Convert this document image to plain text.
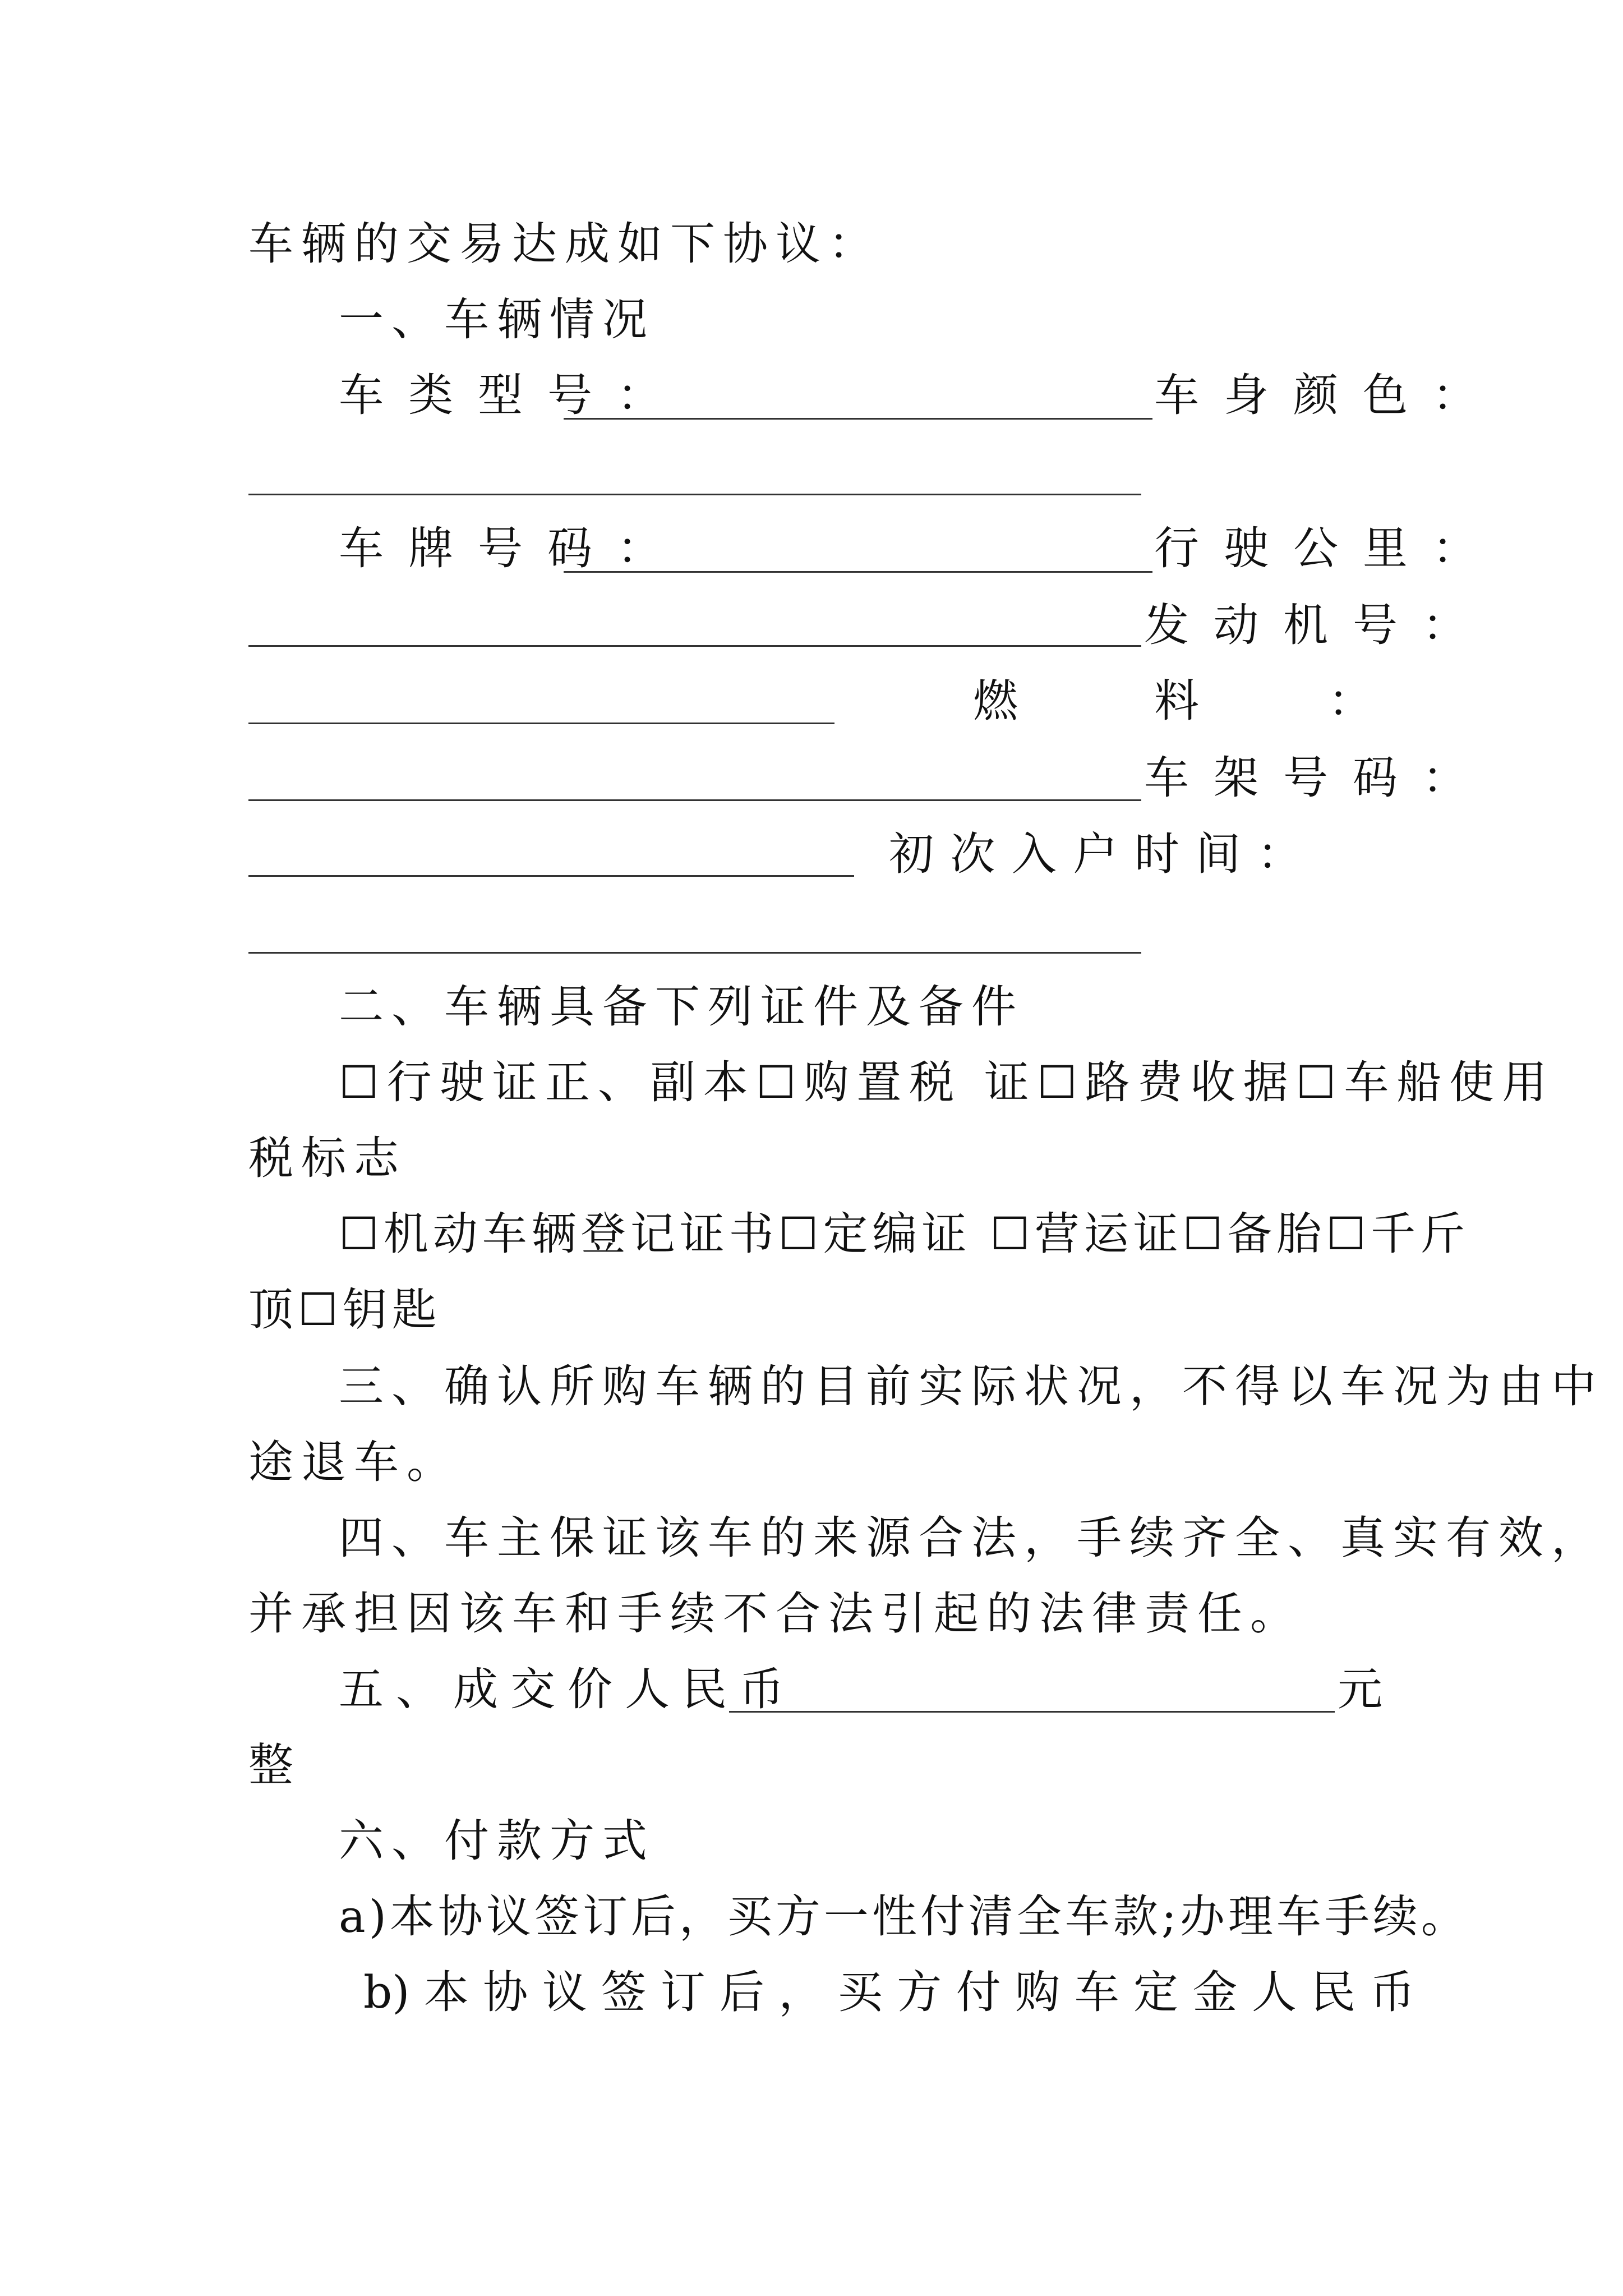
车辆的交易达成如下协议：
一、车辆情况
车类型号：	车身颜色：
车牌号码：	行驶公里：
发动机号：
燃	料	：
车架号码：
初 次 入 户 时 间 ：
二、车辆具备下列证件及备件
☐行驶证正、副本☐购置税 证☐路费收据☐车船使用
税标志
☐机动车辆登记证书☐定编证 ☐营运证☐备胎☐千斤
顶☐钥匙
三、确认所购车辆的目前实际状况，不得以车况为由中
途退车。
四、车主保证该车的来源合法，手续齐全、真实有效，
并承担因该车和手续不合法引起的法律责任。
五、成交价人民币	元
整
六、付款方式
a)本协议签订后，买方一性付清全车款;办理车手续。
b) 本 协 议 签 订 后 ， 买 方 付 购 车 定 金 人 民 币
